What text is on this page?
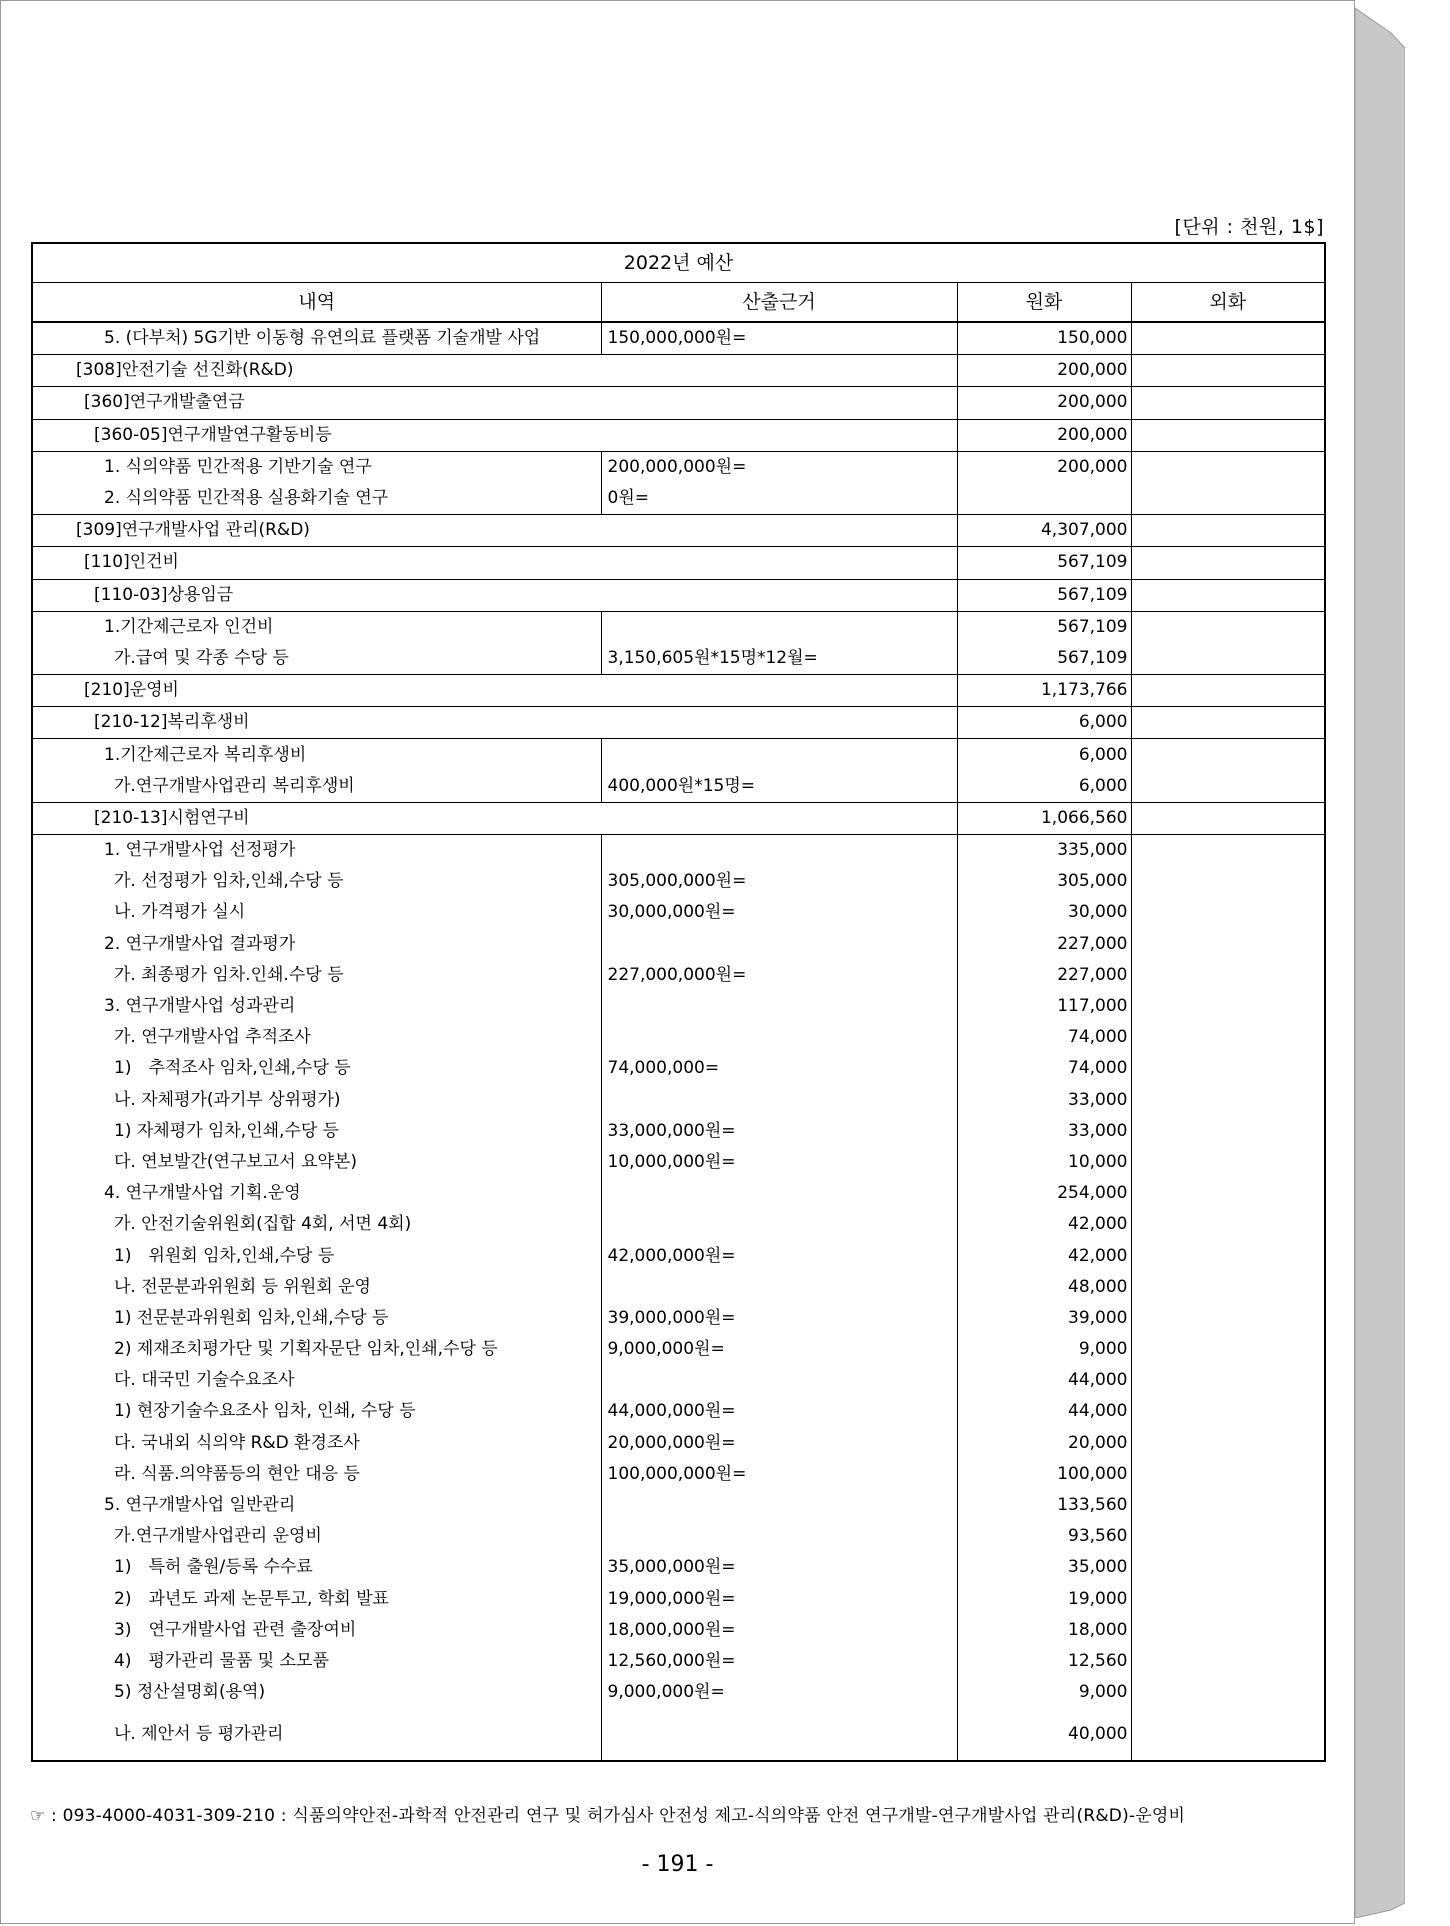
[단위 : 천원, 1$]
2022년 예산			
내역	산출근거	원화	외화
5. (다부처) 5G기반 이동형 유연의료 플랫폼 기술개발 사업	150,000,000원=	150,000	
[308]안전기술 선진화(R&D)		200,000	
[360]연구개발출연금		200,000	
[360-05]연구개발연구활동비등		200,000	
1. 식의약품 민간적용 기반기술 연구	200,000,000원=	200,000	
2. 식의약품 민간적용 실용화기술 연구	0원=		
[309]연구개발사업 관리(R&D)		4,307,000	
[110]인건비		567,109	
[110-03]상용임금		567,109	
1.기간제근로자 인건비		567,109	
가.급여 및 각종 수당 등	3,150,605원*15명*12월=	567,109	
[210]운영비		1,173,766	
[210-12]복리후생비		6,000	
1.기간제근로자 복리후생비		6,000	
가.연구개발사업관리 복리후생비	400,000원*15명=	6,000	
[210-13]시험연구비		1,066,560	
1. 연구개발사업 선정평가		335,000	
가. 선정평가 임차,인쇄,수당 등	305,000,000원=	305,000	
나. 가격평가 실시	30,000,000원=	30,000	
2. 연구개발사업 결과평가		227,000	
가. 최종평가 임차.인쇄.수당 등	227,000,000원=	227,000	
3. 연구개발사업 성과관리		117,000	
가. 연구개발사업 추적조사		74,000	
1)　추적조사 임차,인쇄,수당 등	74,000,000=	74,000	
나. 자체평가(과기부 상위평가)		33,000	
1) 자체평가 임차,인쇄,수당 등	33,000,000원=	33,000	
다. 연보발간(연구보고서 요약본)	10,000,000원=	10,000	
4. 연구개발사업 기획.운영		254,000	
가. 안전기술위원회(집합 4회, 서면 4회)		42,000	
1)　위원회 임차,인쇄,수당 등	42,000,000원=	42,000	
나. 전문분과위원회 등 위원회 운영		48,000	
1) 전문분과위원회 임차,인쇄,수당 등	39,000,000원=	39,000	
2) 제재조치평가단 및 기획자문단 임차,인쇄,수당 등	9,000,000원=	9,000	
다. 대국민 기술수요조사		44,000	
1) 현장기술수요조사 임차, 인쇄, 수당 등	44,000,000원=	44,000	
다. 국내외 식의약 R&D 환경조사	20,000,000원=	20,000	
라. 식품.의약품등의 현안 대응 등	100,000,000원=	100,000	
5. 연구개발사업 일반관리		133,560	
가.연구개발사업관리 운영비		93,560	
1)　특허 출원/등록 수수료	35,000,000원=	35,000	
2)　과년도 과제 논문투고, 학회 발표	19,000,000원=	19,000	
3)　연구개발사업 관련 출장여비	18,000,000원=	18,000	
4)　평가관리 물품 및 소모품	12,560,000원=	12,560	
5) 정산설명회(용역)	9,000,000원=	9,000	
나. 제안서 등 평가관리		40,000	
☞ : 093-4000-4031-309-210 : 식품의약안전-과학적 안전관리 연구 및 허가심사 안전성 제고-식의약품 안전 연구개발-연구개발사업 관리(R&D)-운영비
- 191 -
